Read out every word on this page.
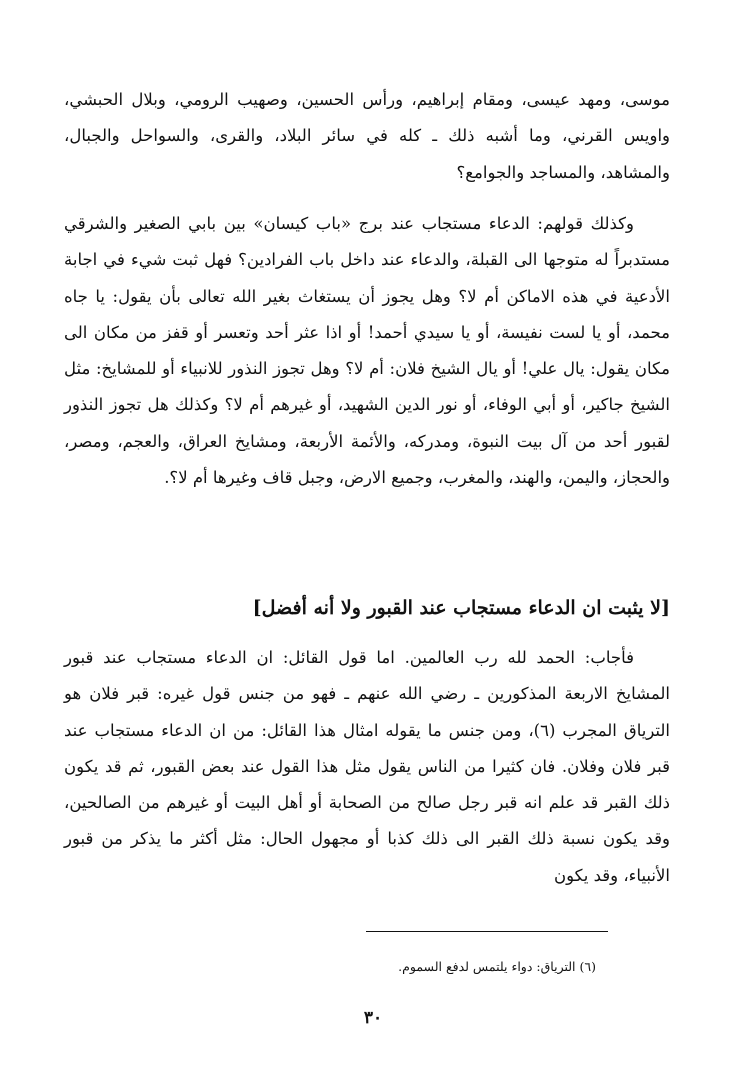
موسى، ومهد عيسى، ومقام إبراهيم، ورأس الحسين، وصهيب الرومي، وبلال الحبشي، واويس القرني، وما أشبه ذلك ـ كله في سائر البلاد، والقرى، والسواحل والجبال، والمشاهد، والمساجد والجوامع؟

وكذلك قولهم: الدعاء مستجاب عند برج «باب كيسان» بين بابي الصغير والشرقي مستدبراً له متوجها الى القبلة، والدعاء عند داخل باب الفرادين؟ فهل ثبت شيء في اجابة الأدعية في هذه الاماكن أم لا؟ وهل يجوز أن يستغاث بغير الله تعالى بأن يقول: يا جاه محمد، أو يا لست نفيسة، أو يا سيدي أحمد! أو اذا عثر أحد وتعسر أو قفز من مكان الى مكان يقول: يال علي! أو يال الشيخ فلان: أم لا؟ وهل تجوز النذور للانبياء أو للمشايخ: مثل الشيخ جاكير، أو أبي الوفاء، أو نور الدين الشهيد، أو غيرهم أم لا؟ وكذلك هل تجوز النذور لقبور أحد من آل بيت النبوة، ومدركه، والأئمة الأربعة، ومشايخ العراق، والعجم، ومصر، والحجاز، واليمن، والهند، والمغرب، وجميع الارض، وجبل قاف وغيرها أم لا؟.

[لا يثبت ان الدعاء مستجاب عند القبور ولا أنه أفضل]

فأجاب: الحمد لله رب العالمين. اما قول القائل: ان الدعاء مستجاب عند قبور المشايخ الاربعة المذكورين ـ رضي الله عنهم ـ فهو من جنس قول غيره: قبر فلان هو الترياق المجرب (٦)، ومن جنس ما يقوله امثال هذا القائل: من ان الدعاء مستجاب عند قبر فلان وفلان. فان كثيرا من الناس يقول مثل هذا القول عند بعض القبور، ثم قد يكون ذلك القبر قد علم انه قبر رجل صالح من الصحابة أو أهل البيت أو غيرهم من الصالحين، وقد يكون نسبة ذلك القبر الى ذلك كذبا أو مجهول الحال: مثل أكثر ما يذكر من قبور الأنبياء، وقد يكون

(٦) الترياق: دواء يلتمس لدفع السموم.

٣٠
